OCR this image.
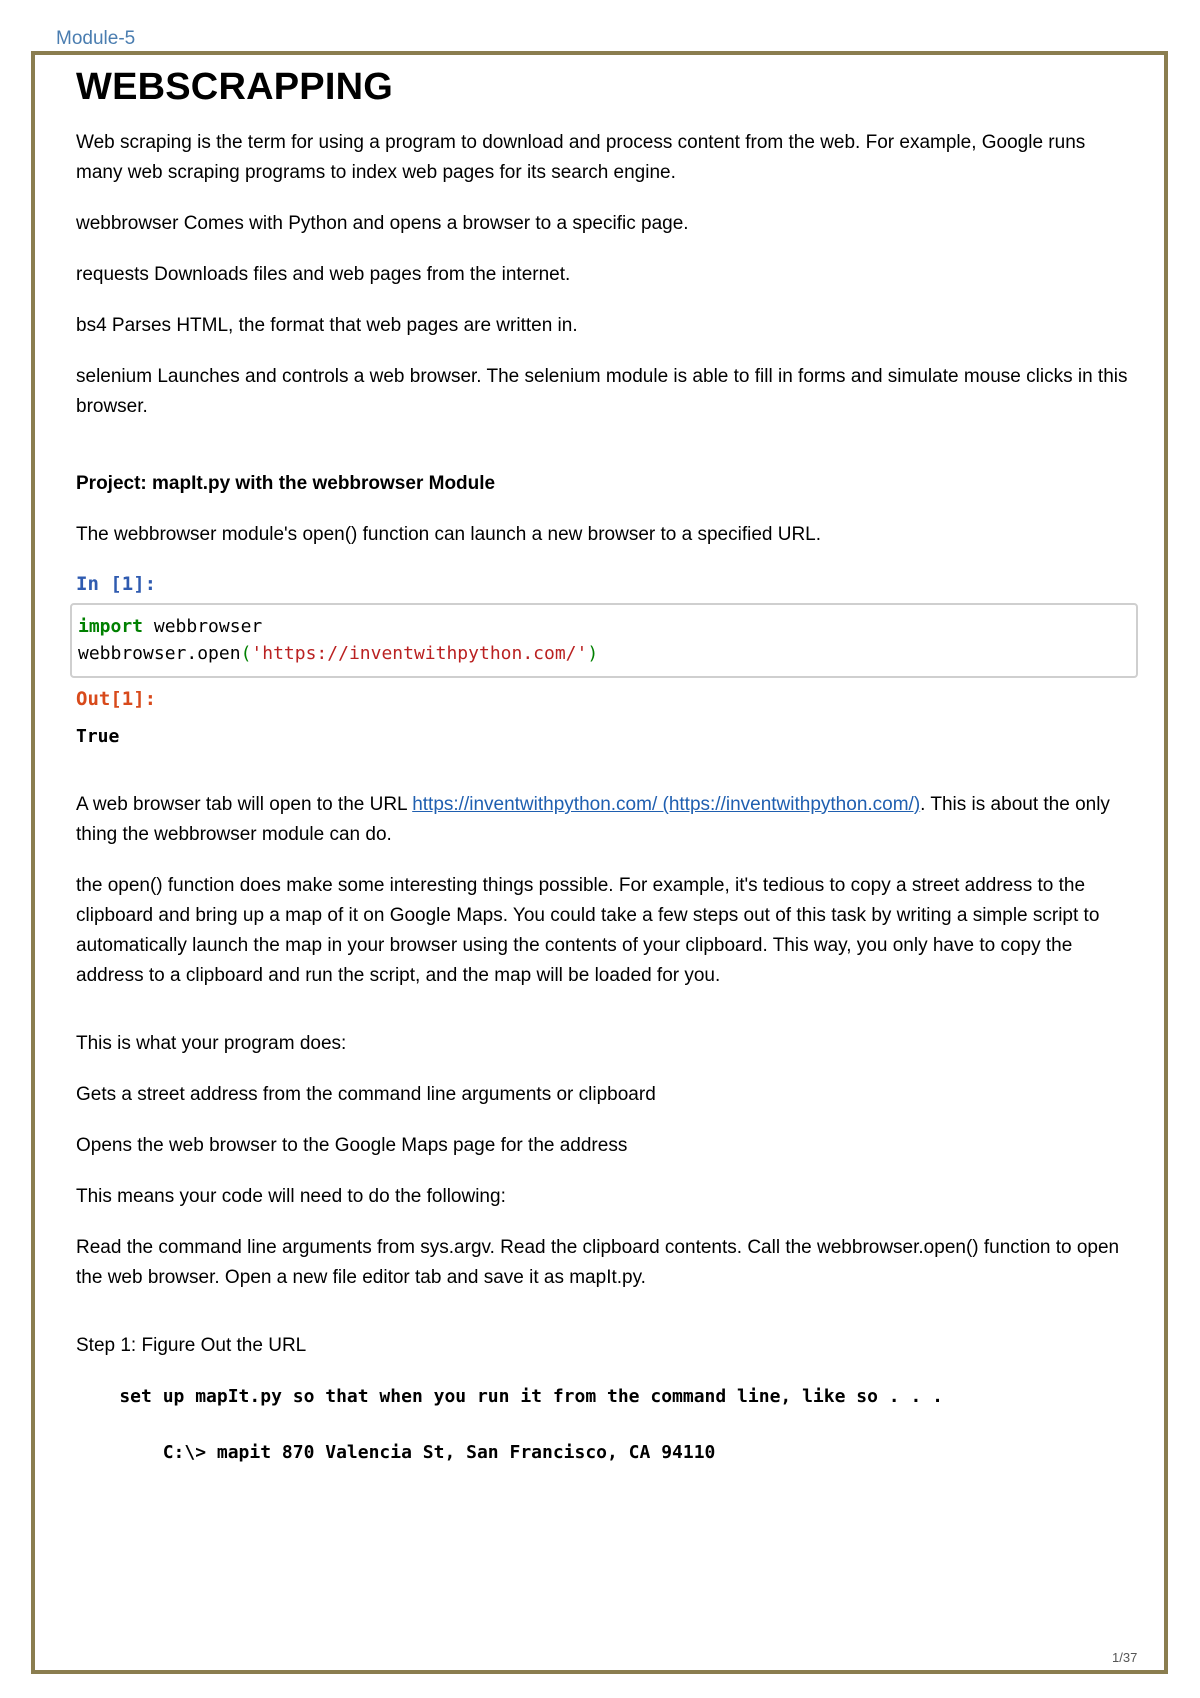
Module-5
WEBSCRAPPING

Web scraping is the term for using a program to download and process content from the web. For example, Google runs many web scraping programs to index web pages for its search engine.

webbrowser Comes with Python and opens a browser to a specific page.

requests Downloads files and web pages from the internet.

bs4 Parses HTML, the format that web pages are written in.

selenium Launches and controls a web browser. The selenium module is able to fill in forms and simulate mouse clicks in this browser.

Project: mapIt.py with the webbrowser Module

The webbrowser module's open() function can launch a new browser to a specified URL.

In [1]:
import webbrowser
webbrowser.open('https://inventwithpython.com/')
Out[1]:

True

A web browser tab will open to the URL https://inventwithpython.com/ (https://inventwithpython.com/). This is about the only thing the webbrowser module can do.

the open() function does make some interesting things possible. For example, it's tedious to copy a street address to the clipboard and bring up a map of it on Google Maps. You could take a few steps out of this task by writing a simple script to automatically launch the map in your browser using the contents of your clipboard. This way, you only have to copy the address to a clipboard and run the script, and the map will be loaded for you.

This is what your program does:

Gets a street address from the command line arguments or clipboard

Opens the web browser to the Google Maps page for the address

This means your code will need to do the following:

Read the command line arguments from sys.argv. Read the clipboard contents. Call the webbrowser.open() function to open the web browser. Open a new file editor tab and save it as mapIt.py.

Step 1: Figure Out the URL

set up mapIt.py so that when you run it from the command line, like so . . .

C:\> mapit 870 Valencia St, San Francisco, CA 94110

1/37
